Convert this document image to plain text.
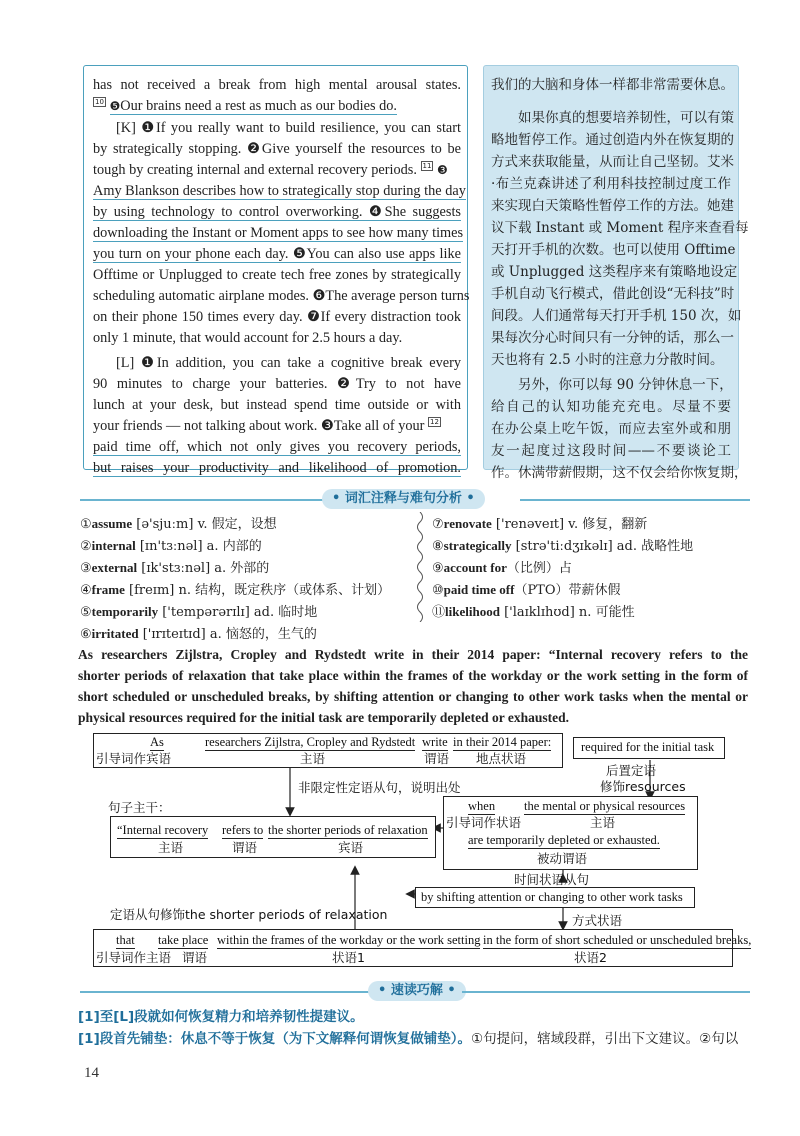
has not received a break from high mental arousal states.
10 ❺Our brains need a rest as much as our bodies do.
[K] ❶If you really want to build resilience, you can start
by strategically stopping. ❷Give yourself the resources to be
tough by creating internal and external recovery periods. 11 ❸
Amy Blankson describes how to strategically stop during the day
by using technology to control overworking. ❹She suggests
downloading the Instant or Moment apps to see how many times
you turn on your phone each day. ❺You can also use apps like
Offtime or Unplugged to create tech free zones by strategically
scheduling automatic airplane modes. ❻The average person turns
on their phone 150 times every day. ❼If every distraction took
only 1 minute, that would account for 2.5 hours a day.
[L] ❶In addition, you can take a cognitive break every
90 minutes to charge your batteries. ❷Try to not have
lunch at your desk, but instead spend time outside or with
your friends — not talking about work. ❸Take all of your 12
paid time off, which not only gives you recovery periods,
but raises your productivity and likelihood of promotion.
我们的大脑和身体一样都非常需要休息。
如果你真的想要培养韧性，可以有策
略地暂停工作。通过创造内外在恢复期的
方式来获取能量，从而让自己坚韧。艾米
·布兰克森讲述了利用科技控制过度工作
来实现白天策略性暂停工作的方法。她建
议下载 Instant 或 Moment 程序来查看每
天打开手机的次数。也可以使用 Offtime
或 Unplugged 这类程序来有策略地设定
手机自动飞行模式，借此创设“无科技”时
间段。人们通常每天打开手机 150 次，如
果每次分心时间只有一分钟的话，那么一
天也将有 2.5 小时的注意力分散时间。
另外，你可以每 90 分钟休息一下，
给自己的认知功能充充电。尽量不要
在办公桌上吃午饭，而应去室外或和朋
友一起度过这段时间——不要谈论工
作。休满带薪假期，这不仅会给你恢复期，
• 词汇注释与难句分析 •
①assume [ə'sjuːm] v. 假定，设想
②internal [ɪn'tɜːnəl] a. 内部的
③external [ɪk'stɜːnəl] a. 外部的
④frame [freɪm] n. 结构，既定秩序（或体系、计划）
⑤temporarily ['tempərərɪlɪ] ad. 临时地
⑥irritated ['ɪrɪteɪtɪd] a. 恼怒的，生气的
⑦renovate ['renəveɪt] v. 修复，翻新
⑧strategically [strə'tiːdʒɪkəlɪ] ad. 战略性地
⑨account for（比例）占
⑩paid time off（PTO）带薪休假
⑪likelihood ['laɪklɪhʊd] n. 可能性
As researchers Zijlstra, Cropley and Rydstedt write in their 2014 paper: “Internal recovery refers to the
shorter periods of relaxation that take place within the frames of the workday or the work setting in the form of
short scheduled or unscheduled breaks, by shifting attention or changing to other work tasks when the mental or
physical resources required for the initial task are temporarily depleted or exhausted.
As	researchers Zijlstra, Cropley and Rydstedt write in their 2014 paper:
引导词作宾语	主语	谓语 地点状语
非限定性定语从句，说明出处
句子主干：
“Internal recovery refers to the shorter periods of relaxation
主语	谓语	宾语
required for the initial task
后置定语
修饰resources
when the mental or physical resources
引导词作状语	主语
are temporarily depleted or exhausted.
被动谓语
时间状语从句
by shifting attention or changing to other work tasks
方式状语
定语从句修饰the shorter periods of relaxation
that take place within the frames of the workday or the work setting in the form of short scheduled or unscheduled breaks,
引导词作主语 谓语	状语1	状语2
• 速读巧解 •
[1]至[L]段就如何恢复精力和培养韧性提建议。
[1]段首先铺垫：休息不等于恢复（为下文解释何谓恢复做铺垫）。①句提问，辖域段群，引出下文建议。②句以
14
